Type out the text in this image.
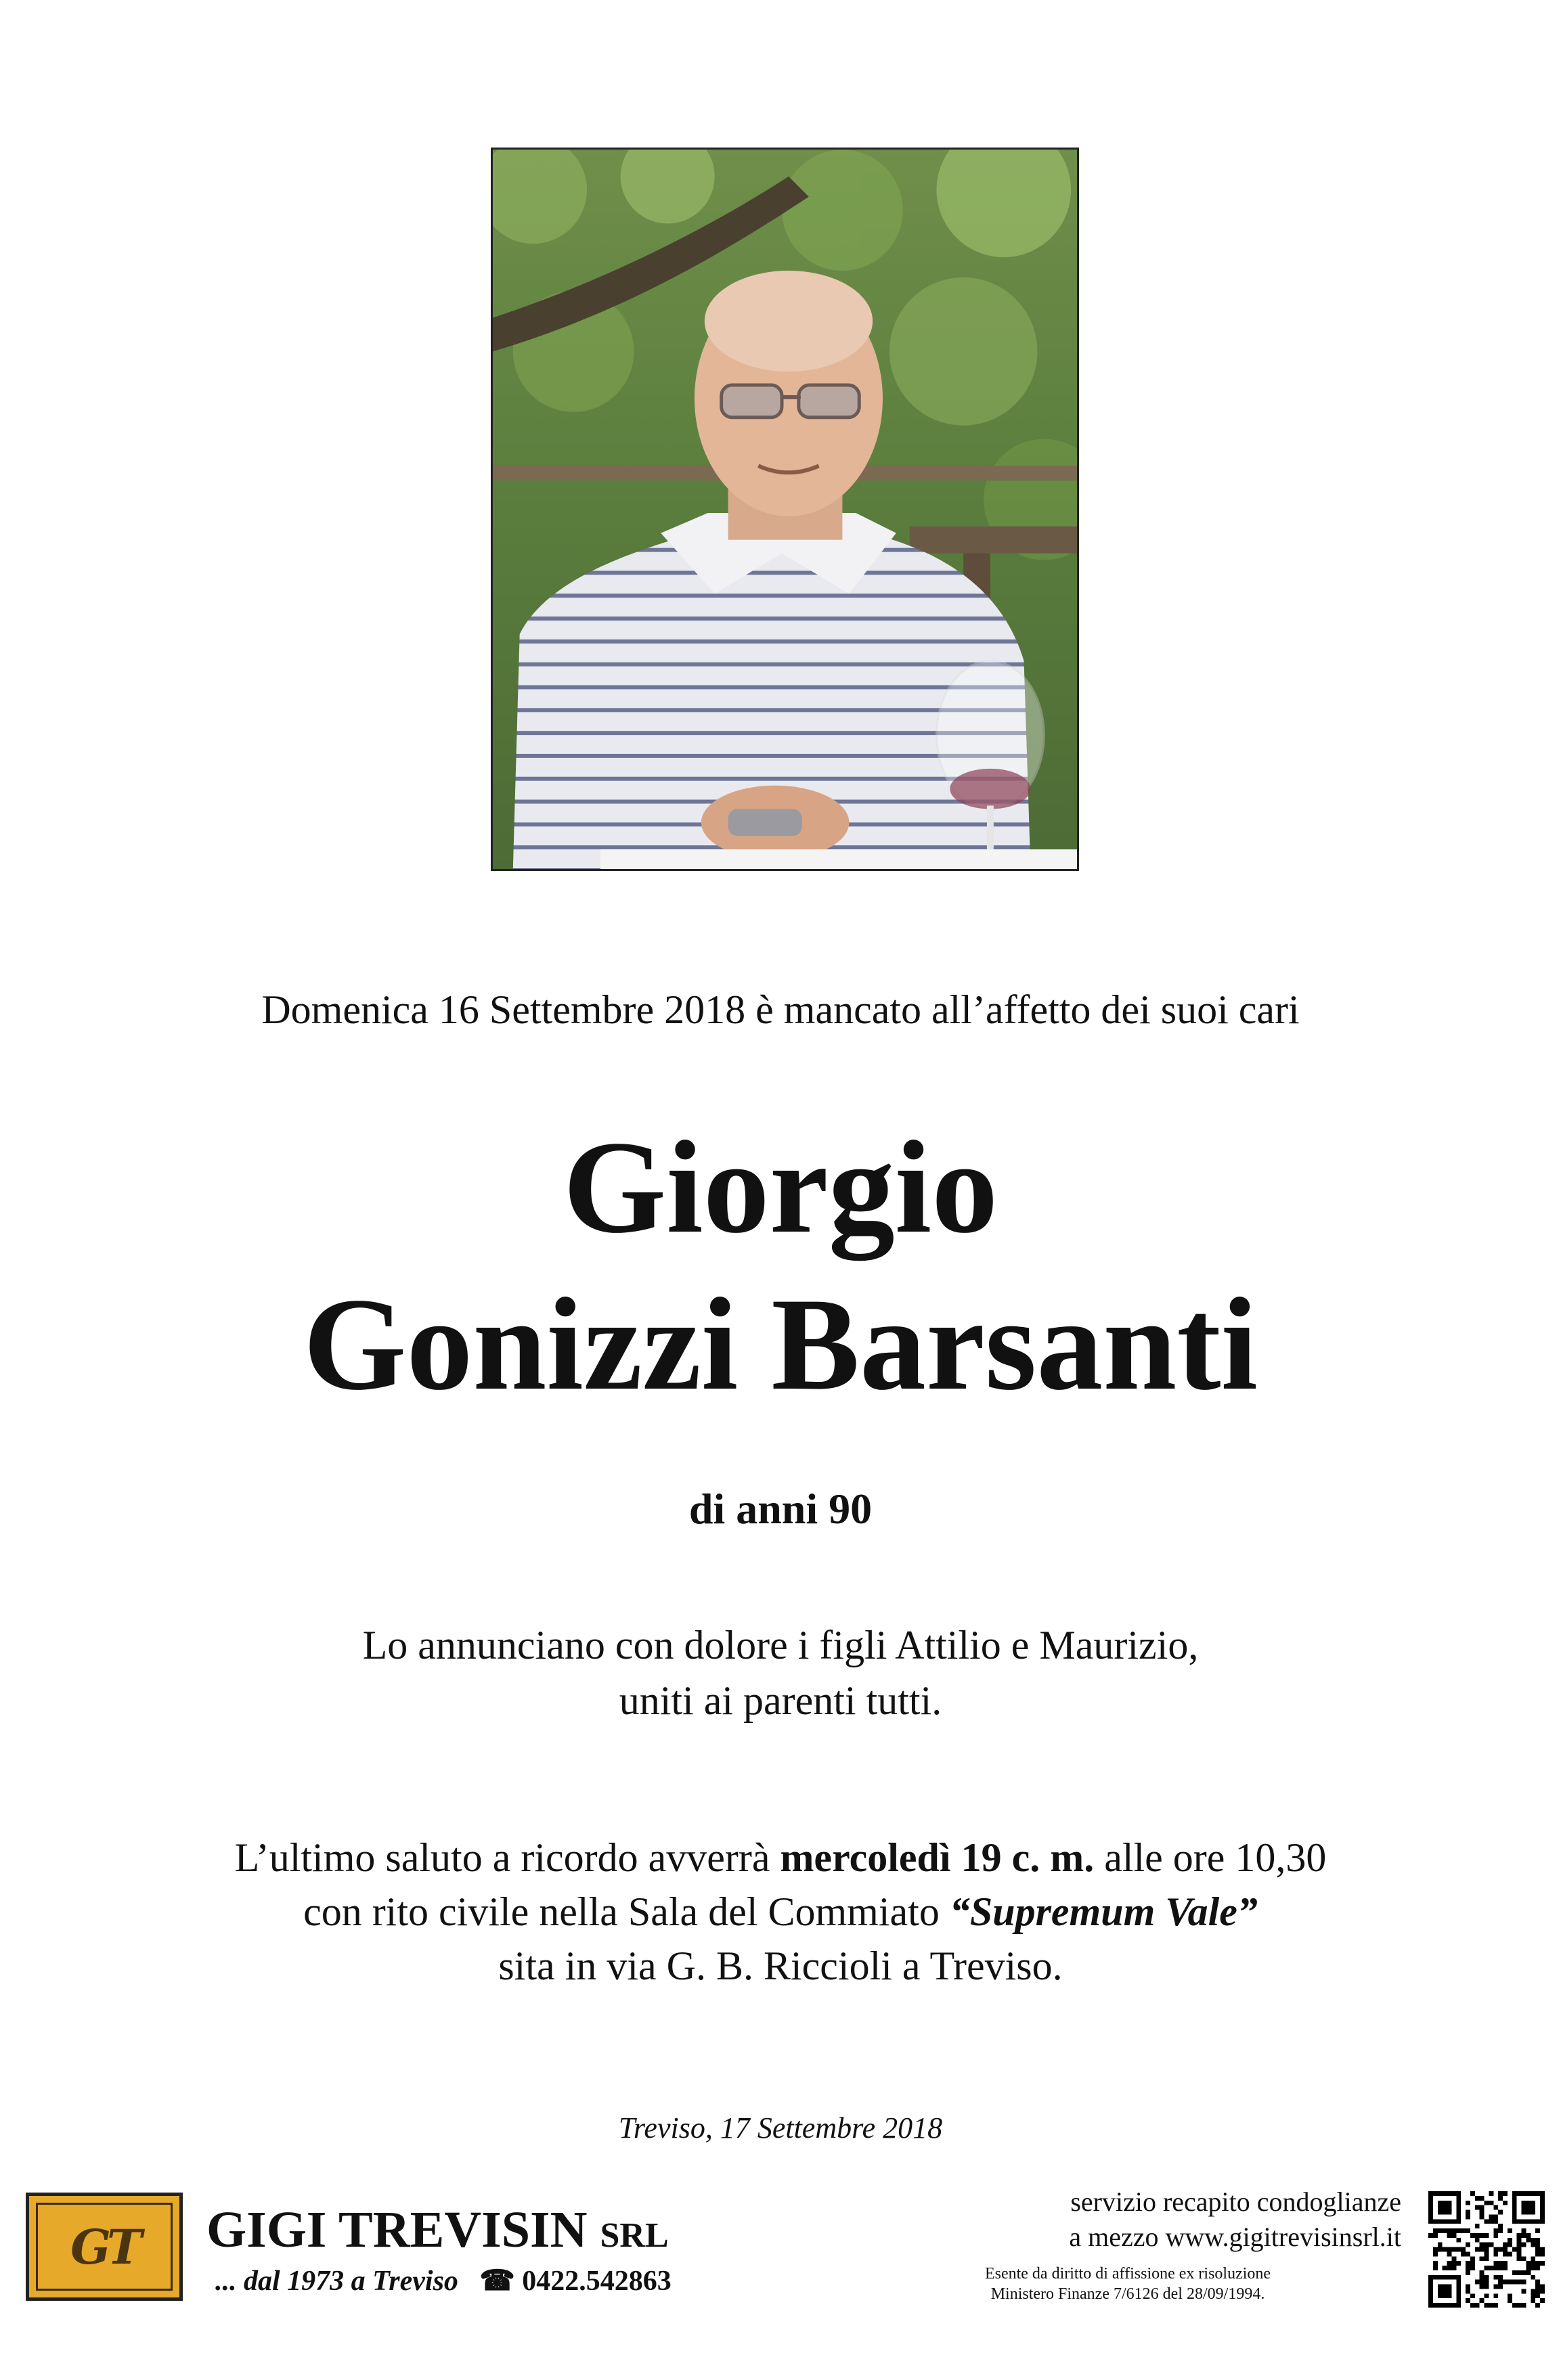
Domenica 16 Settembre 2018 è mancato all’affetto dei suoi cari
Giorgio
Gonizzi Barsanti
di anni 90
Lo annunciano con dolore i figli Attilio e Maurizio,
uniti ai parenti tutti.
L’ultimo saluto a ricordo avverrà mercoledì 19 c. m. alle ore 10,30
con rito civile nella Sala del Commiato “Supremum Vale”
sita in via G. B. Riccioli a Treviso.
Treviso, 17 Settembre 2018
GT	GIGI TREVISIN SRL
... dal 1973 a Treviso ☎ 0422.542863
servizio recapito condoglianze
a mezzo www.gigitrevisinsrl.it
Esente da diritto di affissione ex risoluzione
Ministero Finanze 7/6126 del 28/09/1994.
